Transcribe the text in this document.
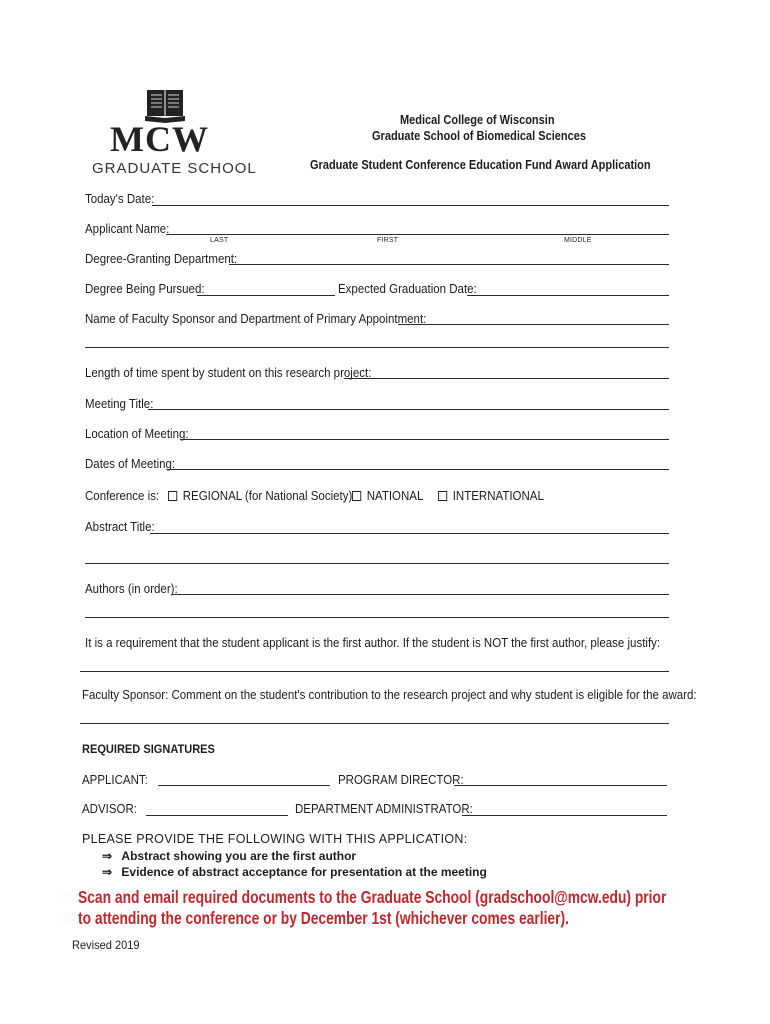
MCW
GRADUATE SCHOOL
Medical College of Wisconsin
Graduate School of Biomedical Sciences
Graduate Student Conference Education Fund Award Application
Today's Date:
Applicant Name:
LAST	FIRST	MIDDLE
Degree-Granting Department:
Degree Being Pursued:	Expected Graduation Date:
Name of Faculty Sponsor and Department of Primary Appointment:
Length of time spent by student on this research project:
Meeting Title:
Location of Meeting:
Dates of Meeting:
Conference is:	REGIONAL (for National Society)	NATIONAL	INTERNATIONAL
Abstract Title:
Authors (in order):
It is a requirement that the student applicant is the first author. If the student is NOT the first author, please justify:
Faculty Sponsor: Comment on the student's contribution to the research project and why student is eligible for the award:
REQUIRED SIGNATURES
APPLICANT:	PROGRAM DIRECTOR:
ADVISOR:	DEPARTMENT ADMINISTRATOR:
PLEASE PROVIDE THE FOLLOWING WITH THIS APPLICATION:
⇒ Abstract showing you are the first author
⇒ Evidence of abstract acceptance for presentation at the meeting
Scan and email required documents to the Graduate School (gradschool@mcw.edu) prior
to attending the conference or by December 1st (whichever comes earlier).
Revised 2019
